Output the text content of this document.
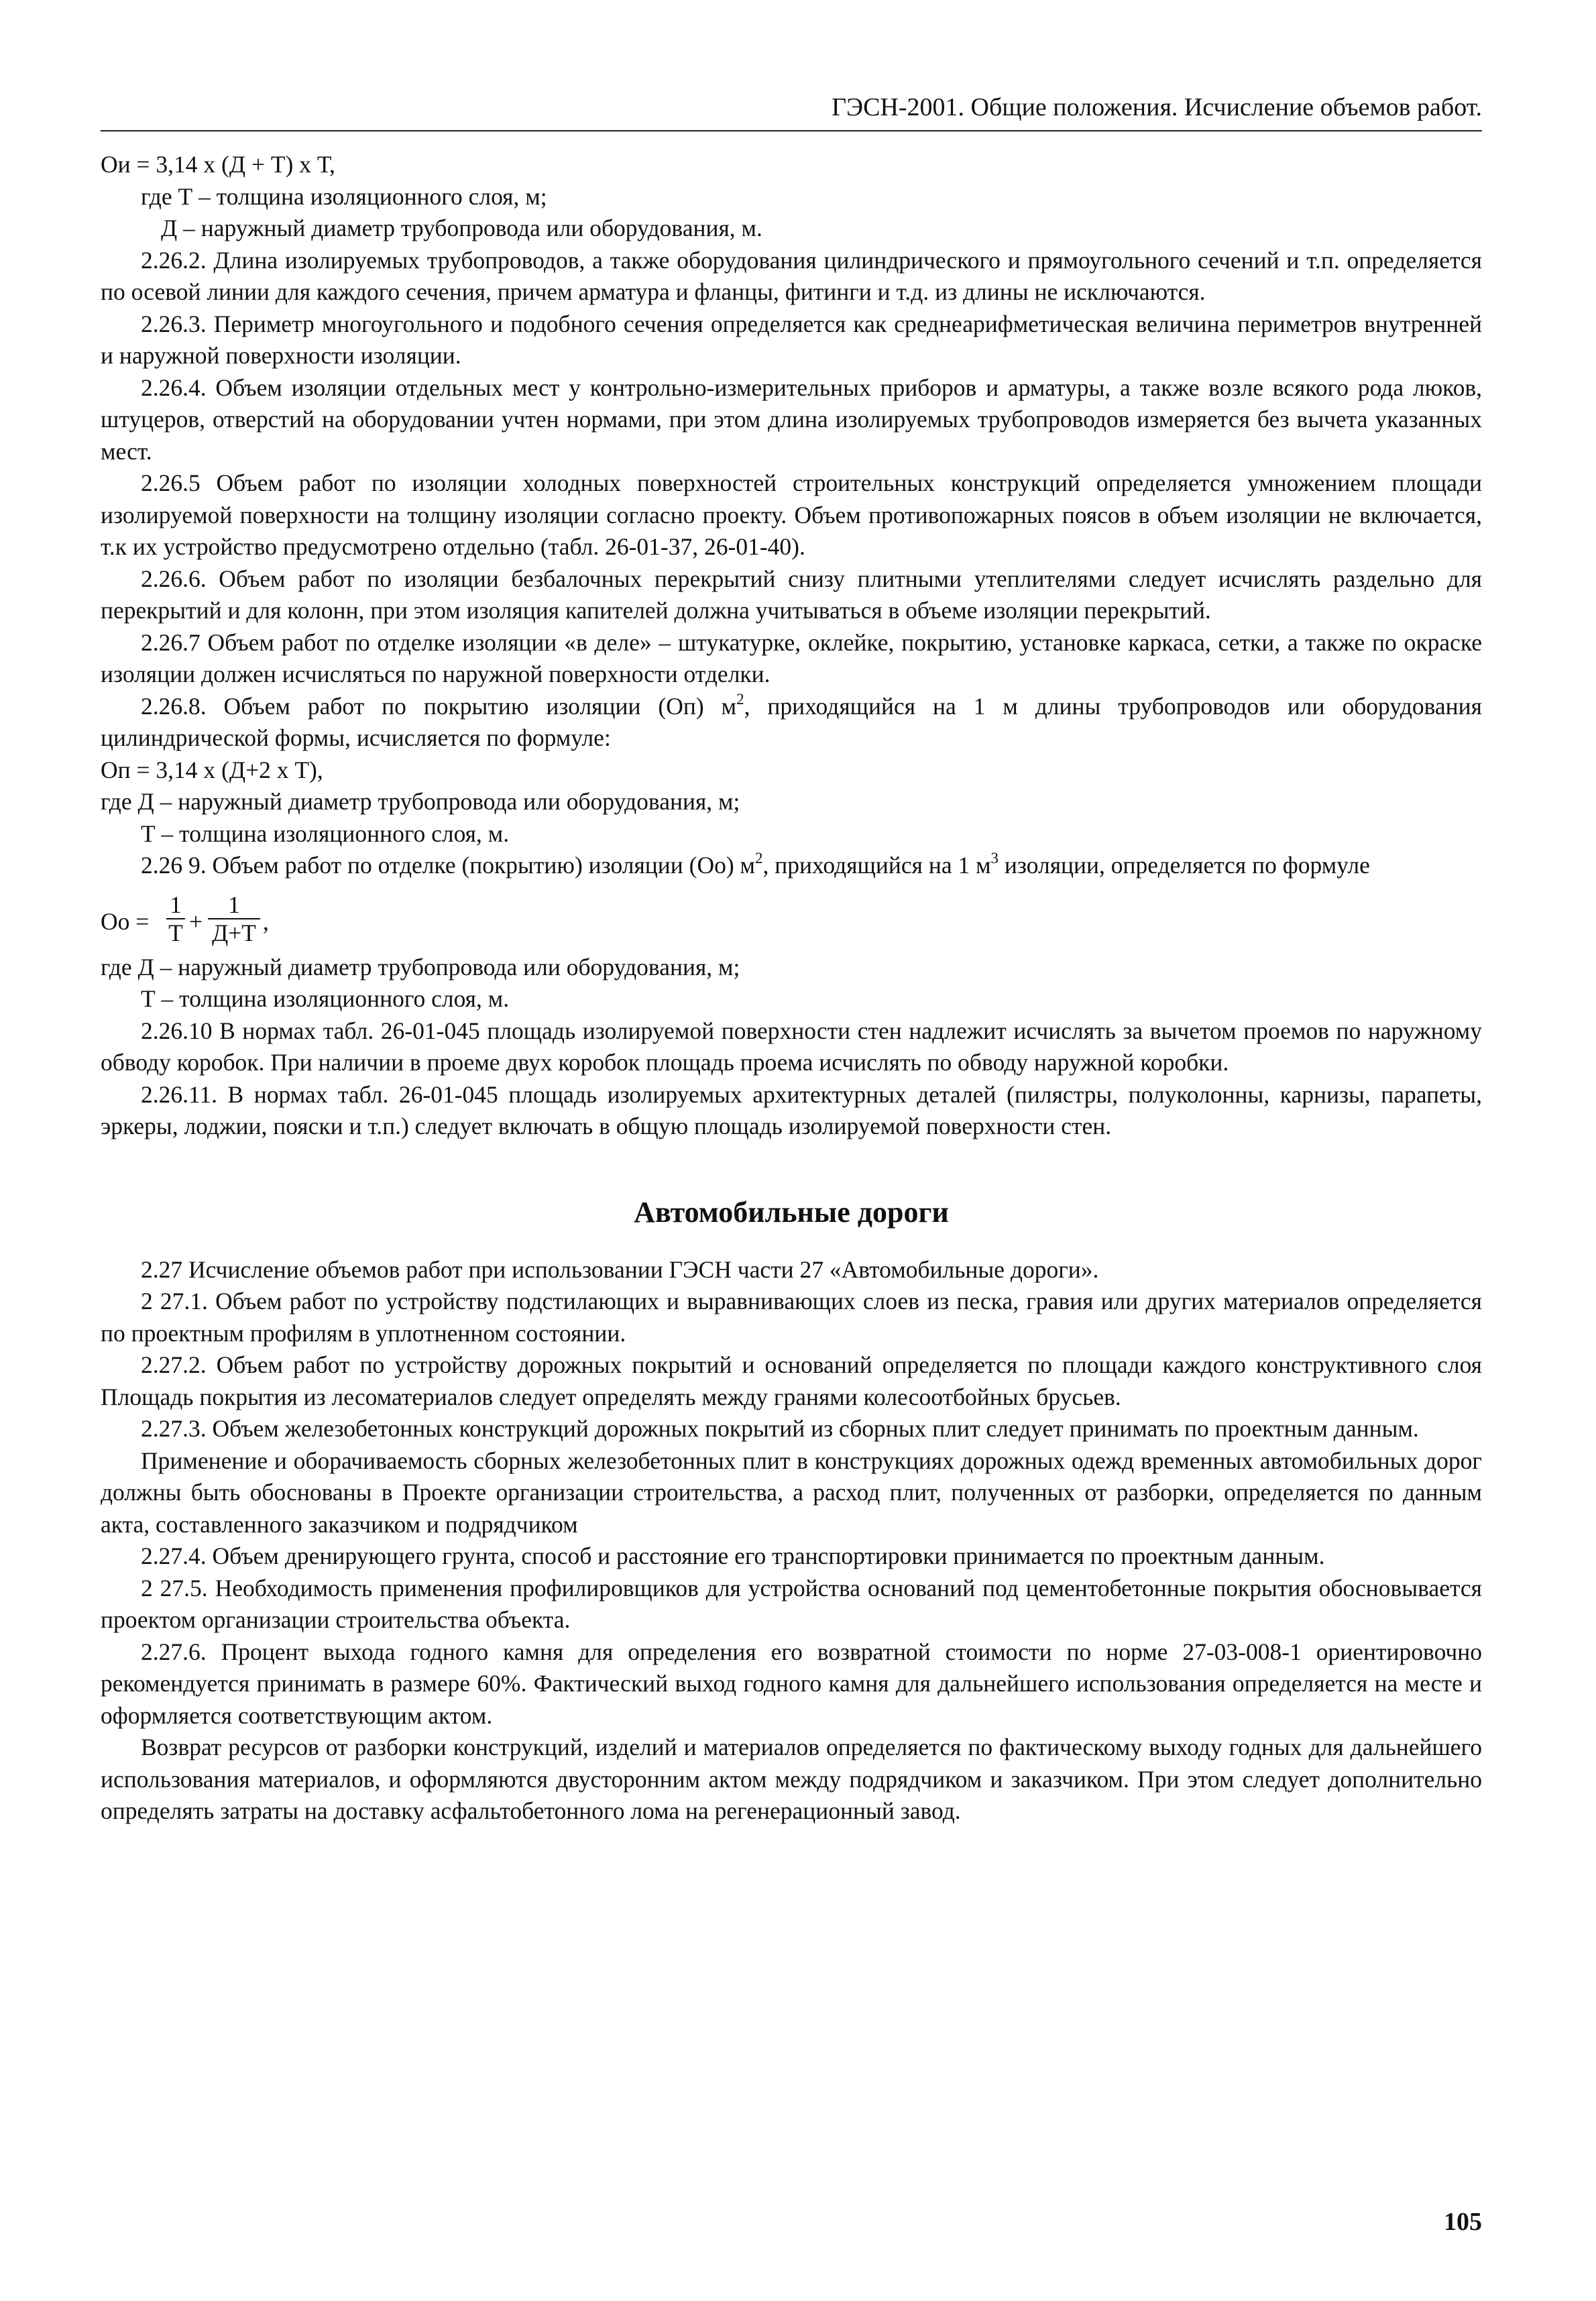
ГЭСН-2001. Общие положения. Исчисление объемов работ.

Ои = 3,14 х (Д + Т) х Т,

где Т – толщина изоляционного слоя, м;

Д – наружный диаметр трубопровода или оборудования, м.

2.26.2. Длина изолируемых трубопроводов, а также оборудования цилиндрического и прямоугольного сечений и т.п. определяется по осевой линии для каждого сечения, причем арматура и фланцы, фитинги и т.д. из длины не исключаются.

2.26.3. Периметр многоугольного и подобного сечения определяется как среднеарифметическая величина периметров внутренней и наружной поверхности изоляции.

2.26.4. Объем изоляции отдельных мест у контрольно-измерительных приборов и арматуры, а также возле всякого рода люков, штуцеров, отверстий на оборудовании учтен нормами, при этом длина изолируемых трубопроводов измеряется без вычета указанных мест.

2.26.5 Объем работ по изоляции холодных поверхностей строительных конструкций определяется умножением площади изолируемой поверхности на толщину изоляции согласно проекту. Объем противопожарных поясов в объем изоляции не включается, т.к их устройство предусмотрено отдельно (табл. 26-01-37, 26-01-40).

2.26.6. Объем работ по изоляции безбалочных перекрытий снизу плитными утеплителями следует исчислять раздельно для перекрытий и для колонн, при этом изоляция капителей должна учитываться в объеме изоляции перекрытий.

2.26.7 Объем работ по отделке изоляции «в деле» – штукатурке, оклейке, покрытию, установке каркаса, сетки, а также по окраске изоляции должен исчисляться по наружной поверхности отделки.

2.26.8. Объем работ по покрытию изоляции (Оп) $м^2$, приходящийся на 1 м длины трубопроводов или оборудования цилиндрической формы, исчисляется по формуле:

Оп = 3,14 х (Д+2 х Т),

где Д – наружный диаметр трубопровода или оборудования, м;

Т – толщина изоляционного слоя, м.

2.26 9. Объем работ по отделке (покрытию) изоляции (Оо) $м^2$, приходящийся на 1 $м^3$ изоляции, определяется по формуле

Оо =
1
Т +
1
Д+Т ,

где Д – наружный диаметр трубопровода или оборудования, м;

Т – толщина изоляционного слоя, м.

2.26.10 В нормах табл. 26-01-045 площадь изолируемой поверхности стен надлежит исчислять за вычетом проемов по наружному обводу коробок. При наличии в проеме двух коробок площадь проема исчислять по обводу наружной коробки.

2.26.11. В нормах табл. 26-01-045 площадь изолируемых архитектурных деталей (пилястры, полуколонны, карнизы, парапеты, эркеры, лоджии, пояски и т.п.) следует включать в общую площадь изолируемой поверхности стен.

Автомобильные дороги

2.27 Исчисление объемов работ при использовании ГЭСН части 27 «Автомобильные дороги».

2 27.1. Объем работ по устройству подстилающих и выравнивающих слоев из песка, гравия или других материалов определяется по проектным профилям в уплотненном состоянии.

2.27.2. Объем работ по устройству дорожных покрытий и оснований определяется по площади каждого конструктивного слоя Площадь покрытия из лесоматериалов следует определять между гранями колесоотбойных брусьев.

2.27.3. Объем железобетонных конструкций дорожных покрытий из сборных плит следует принимать по проектным данным.

Применение и оборачиваемость сборных железобетонных плит в конструкциях дорожных одежд временных автомобильных дорог должны быть обоснованы в Проекте организации строительства, а расход плит, полученных от разборки, определяется по данным акта, составленного заказчиком и подрядчиком

2.27.4. Объем дренирующего грунта, способ и расстояние его транспортировки принимается по проектным данным.

2 27.5. Необходимость применения профилировщиков для устройства оснований под цементобетонные покрытия обосновывается проектом организации строительства объекта.

2.27.6. Процент выхода годного камня для определения его возвратной стоимости по норме 27-03-008-1 ориентировочно рекомендуется принимать в размере 60%. Фактический выход годного камня для дальнейшего использования определяется на месте и оформляется соответствующим актом.

Возврат ресурсов от разборки конструкций, изделий и материалов определяется по фактическому выходу годных для дальнейшего использования материалов, и оформляются двусторонним актом между подрядчиком и заказчиком. При этом следует дополнительно определять затраты на доставку асфальтобетонного лома на регенерационный завод.

105
